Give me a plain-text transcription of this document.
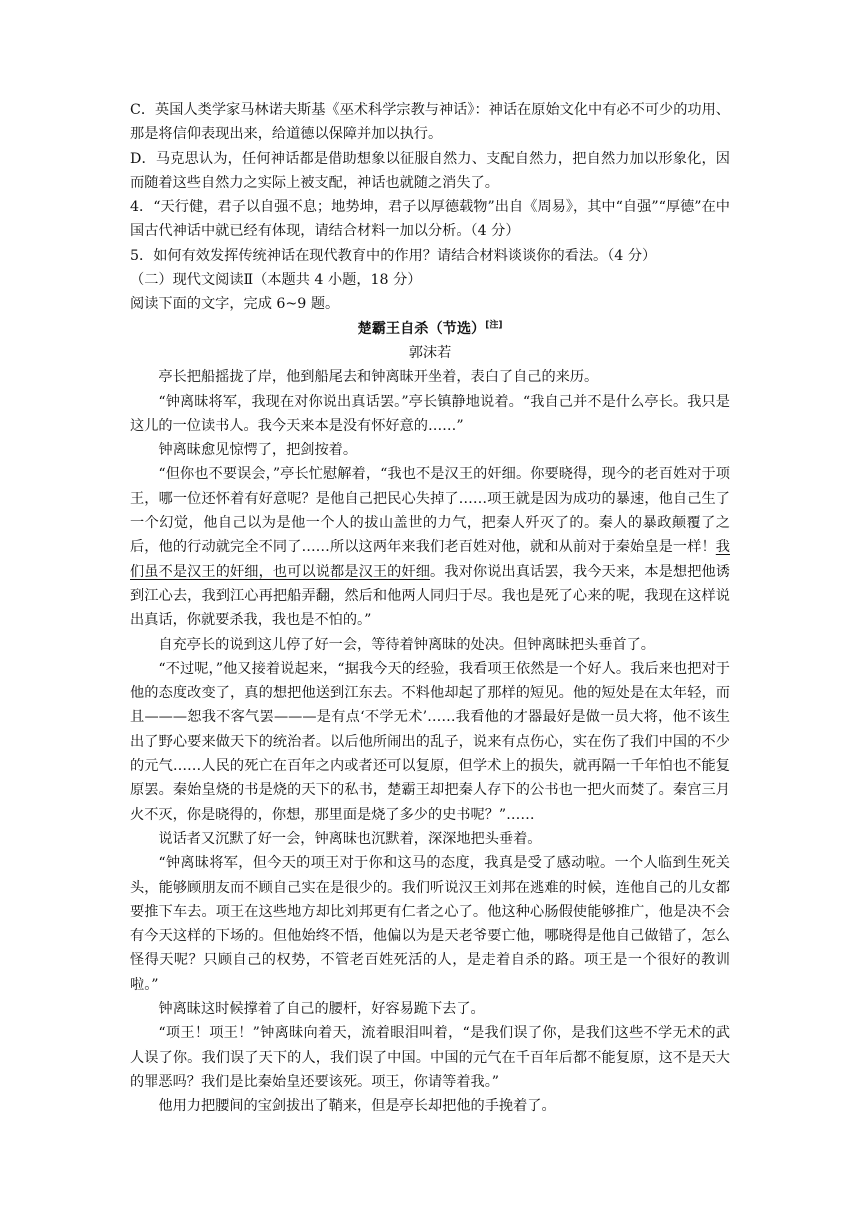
C．英国人类学家马林诺夫斯基《巫术科学宗教与神话》：神话在原始文化中有必不可少的功用、那是将信仰表现出来，给道德以保障并加以执行。

D．马克思认为，任何神话都是借助想象以征服自然力、支配自然力，把自然力加以形象化，因而随着这些自然力之实际上被支配，神话也就随之消失了。

4．“天行健，君子以自强不息；地势坤，君子以厚德载物”出自《周易》，其中“自强”“厚德”在中国古代神话中就已经有体现，请结合材料一加以分析。（4 分）

5．如何有效发挥传统神话在现代教育中的作用？请结合材料谈谈你的看法。（4 分）

（二）现代文阅读Ⅱ（本题共 4 小题，18 分）

阅读下面的文字，完成 6~9 题。

楚霸王自杀（节选）[注]

郭沫若

亭长把船摇拢了岸，他到船尾去和钟离昧开坐着，表白了自己的来历。

“钟离昧将军，我现在对你说出真话罢。”亭长镇静地说着。“我自己并不是什么亭长。我只是这儿的一位读书人。我今天来本是没有怀好意的……”

钟离昧愈见惊愕了，把剑按着。

“但你也不要误会，”亭长忙慰解着，“我也不是汉王的奸细。你要晓得，现今的老百姓对于项王，哪一位还怀着有好意呢？是他自己把民心失掉了……项王就是因为成功的暴速，他自己生了一个幻觉，他自己以为是他一个人的拔山盖世的力气，把秦人歼灭了的。秦人的暴政颠覆了之后，他的行动就完全不同了……所以这两年来我们老百姓对他，就和从前对于秦始皇是一样！我们虽不是汉王的奸细，也可以说都是汉王的奸细。我对你说出真话罢，我今天来，本是想把他诱到江心去，我到江心再把船弄翻，然后和他两人同归于尽。我也是死了心来的呢，我现在这样说出真话，你就要杀我，我也是不怕的。”

自充亭长的说到这儿停了好一会，等待着钟离昧的处决。但钟离昧把头垂首了。

“不过呢，”他又接着说起来，“据我今天的经验，我看项王依然是一个好人。我后来也把对于他的态度改变了，真的想把他送到江东去。不料他却起了那样的短见。他的短处是在太年轻，而且———恕我不客气罢———是有点‘不学无术’……我看他的才器最好是做一员大将，他不该生出了野心要来做天下的统治者。以后他所闹出的乱子，说来有点伤心，实在伤了我们中国的不少的元气……人民的死亡在百年之内或者还可以复原，但学术上的损失，就再隔一千年怕也不能复原罢。秦始皇烧的书是烧的天下的私书，楚霸王却把秦人存下的公书也一把火而焚了。秦宫三月火不灭，你是晓得的，你想，那里面是烧了多少的史书呢？”……

说话者又沉默了好一会，钟离昧也沉默着，深深地把头垂着。

“钟离昧将军，但今天的项王对于你和这马的态度，我真是受了感动啦。一个人临到生死关头，能够顾朋友而不顾自己实在是很少的。我们听说汉王刘邦在逃难的时候，连他自己的儿女都要推下车去。项王在这些地方却比刘邦更有仁者之心了。他这种心肠假使能够推广，他是决不会有今天这样的下场的。但他始终不悟，他偏以为是天老爷要亡他，哪晓得是他自己做错了，怎么怪得天呢？只顾自己的权势，不管老百姓死活的人，是走着自杀的路。项王是一个很好的教训啦。”

钟离昧这时候撑着了自己的腰杆，好容易跪下去了。

“项王！项王！”钟离昧向着天，流着眼泪叫着，“是我们误了你，是我们这些不学无术的武人误了你。我们误了天下的人，我们误了中国。中国的元气在千百年后都不能复原，这不是天大的罪恶吗？我们是比秦始皇还要该死。项王，你请等着我。”

他用力把腰间的宝剑拔出了鞘来，但是亭长却把他的手挽着了。
